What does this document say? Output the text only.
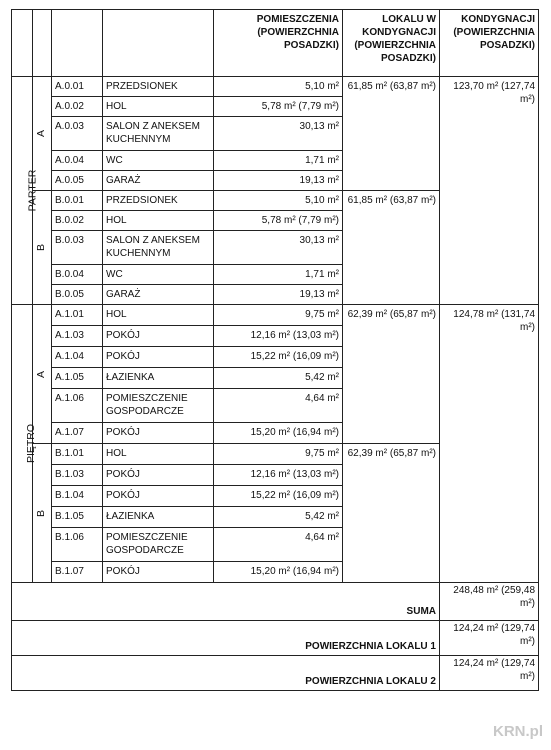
				POMIESZCZENIA (POWIERZCHNIA POSADZKI)	LOKALU W KONDYGNACJI (POWIERZCHNIA POSADZKI)	KONDYGNACJI (POWIERZCHNIA POSADZKI)
PARTER	A	A.0.01	PRZEDSIONEK	5,10 m²	61,85 m² (63,87 m²)	123,70 m² (127,74 m²)
		A.0.02	HOL	5,78 m² (7,79 m²)		
		A.0.03	SALON Z ANEKSEM KUCHENNYM	30,13 m²		
		A.0.04	WC	1,71 m²		
		A.0.05	GARAŻ	19,13 m²		
	B	B.0.01	PRZEDSIONEK	5,10 m²	61,85 m² (63,87 m²)	
		B.0.02	HOL	5,78 m² (7,79 m²)		
		B.0.03	SALON Z ANEKSEM KUCHENNYM	30,13 m²		
		B.0.04	WC	1,71 m²		
		B.0.05	GARAŻ	19,13 m²		
PIĘTRO	A	A.1.01	HOL	9,75 m²	62,39 m² (65,87 m²)	124,78 m² (131,74 m²)
		A.1.03	POKÓJ	12,16 m² (13,03 m²)		
		A.1.04	POKÓJ	15,22 m² (16,09 m²)		
		A.1.05	ŁAZIENKA	5,42 m²		
		A.1.06	POMIESZCZENIE GOSPODARCZE	4,64 m²		
		A.1.07	POKÓJ	15,20 m² (16,94 m²)		
	B	B.1.01	HOL	9,75 m²	62,39 m² (65,87 m²)	
		B.1.03	POKÓJ	12,16 m² (13,03 m²)		
		B.1.04	POKÓJ	15,22 m² (16,09 m²)		
		B.1.05	ŁAZIENKA	5,42 m²		
		B.1.06	POMIESZCZENIE GOSPODARCZE	4,64 m²		
		B.1.07	POKÓJ	15,20 m² (16,94 m²)		
SUMA						248,48 m² (259,48 m²)
POWIERZCHNIA LOKALU 1						124,24 m² (129,74 m²)
POWIERZCHNIA LOKALU 2						124,24 m² (129,74 m²)
KRN.pl
